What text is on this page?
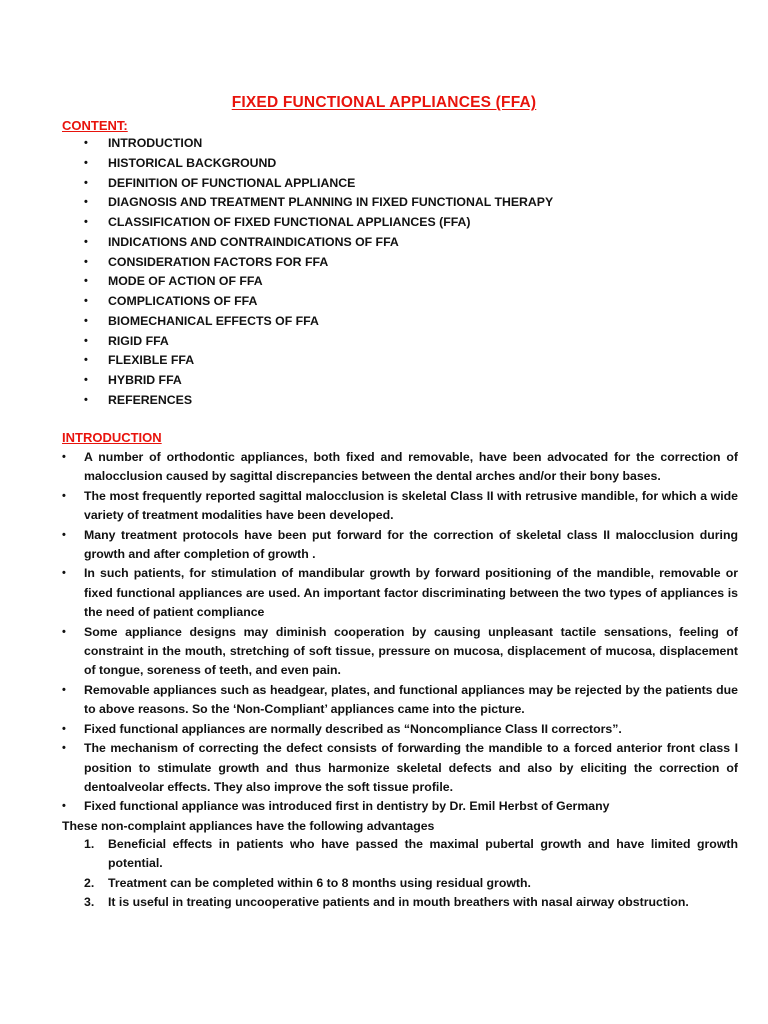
FIXED FUNCTIONAL APPLIANCES (FFA)
CONTENT:
• INTRODUCTION
• HISTORICAL BACKGROUND
• DEFINITION OF FUNCTIONAL APPLIANCE
• DIAGNOSIS AND TREATMENT PLANNING IN FIXED FUNCTIONAL THERAPY
• CLASSIFICATION OF FIXED FUNCTIONAL APPLIANCES (FFA)
• INDICATIONS AND CONTRAINDICATIONS OF FFA
• CONSIDERATION FACTORS FOR FFA
• MODE OF ACTION OF FFA
• COMPLICATIONS OF FFA
• BIOMECHANICAL EFFECTS OF FFA
• RIGID FFA
• FLEXIBLE FFA
• HYBRID FFA
• REFERENCES
INTRODUCTION
• A number of orthodontic appliances, both fixed and removable, have been advocated for the correction of malocclusion caused by sagittal discrepancies between the dental arches and/or their bony bases.
• The most frequently reported sagittal malocclusion is skeletal Class II with retrusive mandible, for which a wide variety of treatment modalities have been developed.
• Many treatment protocols have been put forward for the correction of skeletal class II malocclusion during growth and after completion of growth .
• In such patients, for stimulation of mandibular growth by forward positioning of the mandible, removable or fixed functional appliances are used. An important factor discriminating between the two types of appliances is the need of patient compliance
• Some appliance designs may diminish cooperation by causing unpleasant tactile sensations, feeling of constraint in the mouth, stretching of soft tissue, pressure on mucosa, displacement of mucosa, displacement of tongue, soreness of teeth, and even pain.
• Removable appliances such as headgear, plates, and functional appliances may be rejected by the patients due to above reasons. So the ‘Non-Compliant’ appliances came into the picture.
• Fixed functional appliances are normally described as “Noncompliance Class II correctors”.
• The mechanism of correcting the defect consists of forwarding the mandible to a forced anterior front class I position to stimulate growth and thus harmonize skeletal defects and also by eliciting the correction of dentoalveolar effects. They also improve the soft tissue profile.
• Fixed functional appliance was introduced first in dentistry by Dr. Emil Herbst of Germany
These non-complaint appliances have the following advantages
1. Beneficial effects in patients who have passed the maximal pubertal growth and have limited growth potential.
2. Treatment can be completed within 6 to 8 months using residual growth.
3. It is useful in treating uncooperative patients and in mouth breathers with nasal airway obstruction.
